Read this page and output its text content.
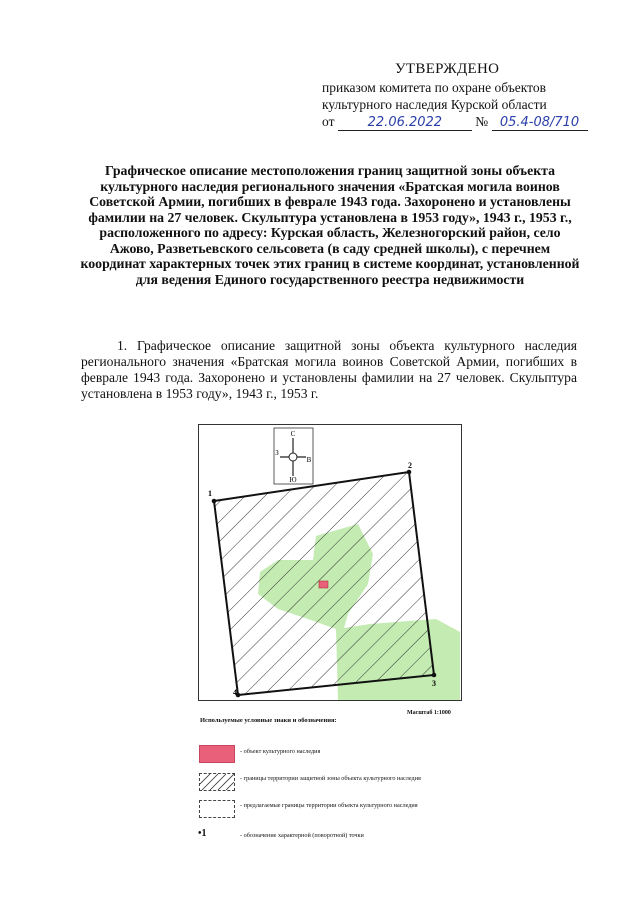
УТВЕРЖДЕНО
приказом комитета по охране объектов
культурного наследия Курской области
от	22.06.2022 № 05.4-08/710
Графическое описание местоположения границ защитной зоны объекта культурного наследия регионального значения «Братская могила воинов Советской Армии, погибших в феврале 1943 года. Захоронено и установлены фамилии на 27 человек. Скульптура установлена в 1953 году», 1943 г., 1953 г., расположенного по адресу: Курская область, Железногорский район, село Ажово, Разветьевского сельсовета (в саду средней школы), с перечнем координат характерных точек этих границ в системе координат, установленной для ведения Единого государственного реестра недвижимости
1. Графическое описание защитной зоны объекта культурного наследия регионального значения «Братская могила воинов Советской Армии, погибших в феврале 1943 года. Захоронено и установлены фамилии на 27 человек. Скульптура установлена в 1953 году», 1943 г., 1953 г.
С
Ю
З
В
1
2
3
4
Масштаб 1:1000
Используемые условные знаки и обозначения:
- объект культурного наследия
- границы территории защитной зоны объекта культурного наследия
- предлагаемые границы территории объекта культурного наследия
•1	- обозначение характерной (поворотной) точки
